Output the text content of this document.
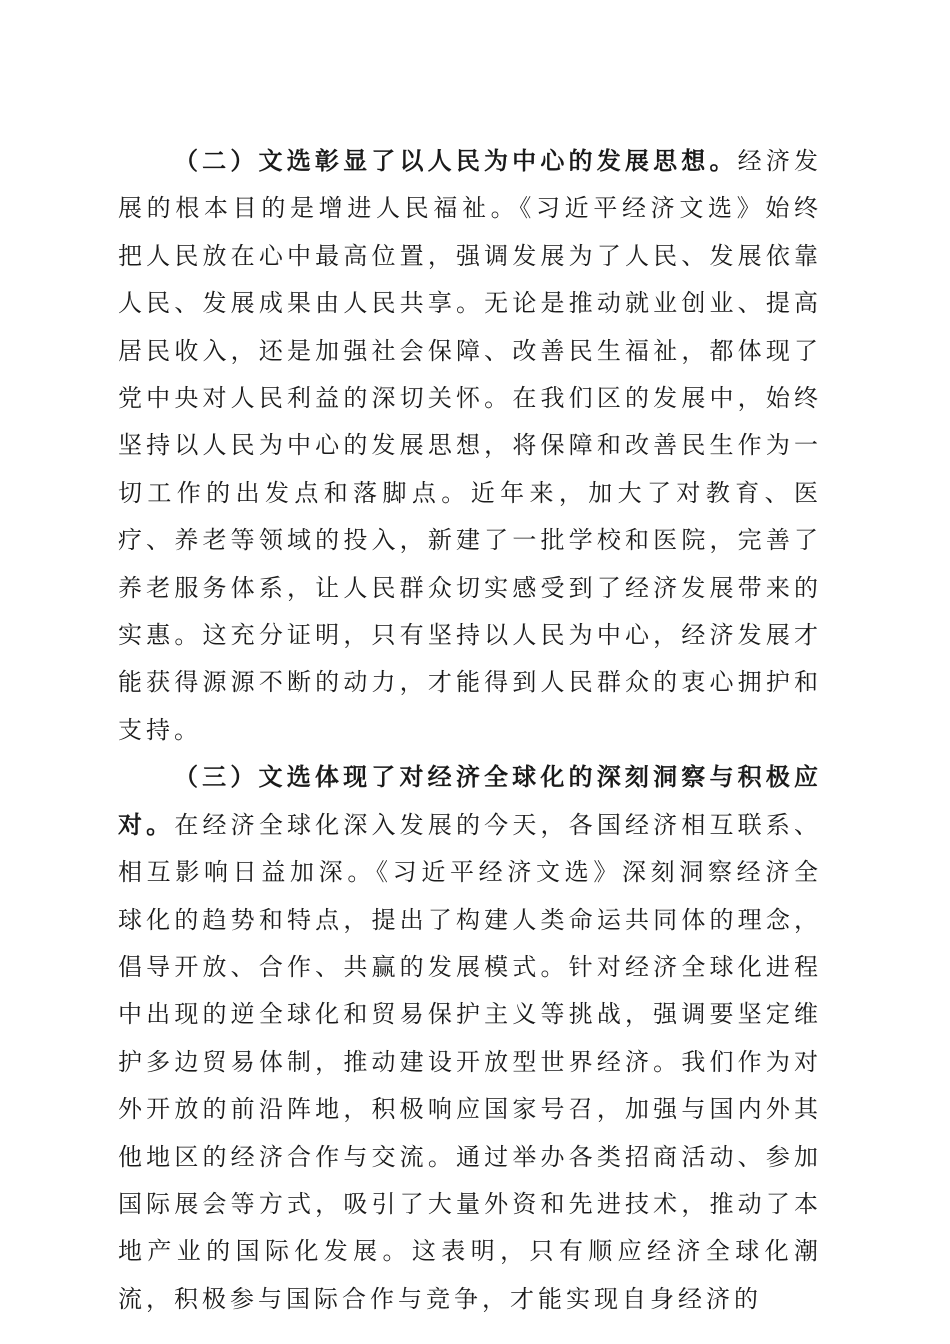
（二）文选彰显了以人民为中心的发展思想。经济发展的根本目的是增进人民福祉。《习近平经济文选》始终把人民放在心中最高位置，强调发展为了人民、发展依靠人民、发展成果由人民共享。无论是推动就业创业、提高居民收入，还是加强社会保障、改善民生福祉，都体现了党中央对人民利益的深切关怀。在我们区的发展中，始终坚持以人民为中心的发展思想，将保障和改善民生作为一切工作的出发点和落脚点。近年来，加大了对教育、医疗、养老等领域的投入，新建了一批学校和医院，完善了养老服务体系，让人民群众切实感受到了经济发展带来的实惠。这充分证明，只有坚持以人民为中心，经济发展才能获得源源不断的动力，才能得到人民群众的衷心拥护和支持。

（三）文选体现了对经济全球化的深刻洞察与积极应对。在经济全球化深入发展的今天，各国经济相互联系、相互影响日益加深。《习近平经济文选》深刻洞察经济全球化的趋势和特点，提出了构建人类命运共同体的理念，倡导开放、合作、共赢的发展模式。针对经济全球化进程中出现的逆全球化和贸易保护主义等挑战，强调要坚定维护多边贸易体制，推动建设开放型世界经济。我们作为对外开放的前沿阵地，积极响应国家号召，加强与国内外其他地区的经济合作与交流。通过举办各类招商活动、参加国际展会等方式，吸引了大量外资和先进技术，推动了本地产业的国际化发展。这表明，只有顺应经济全球化潮流，积极参与国际合作与竞争，才能实现自身经济的
